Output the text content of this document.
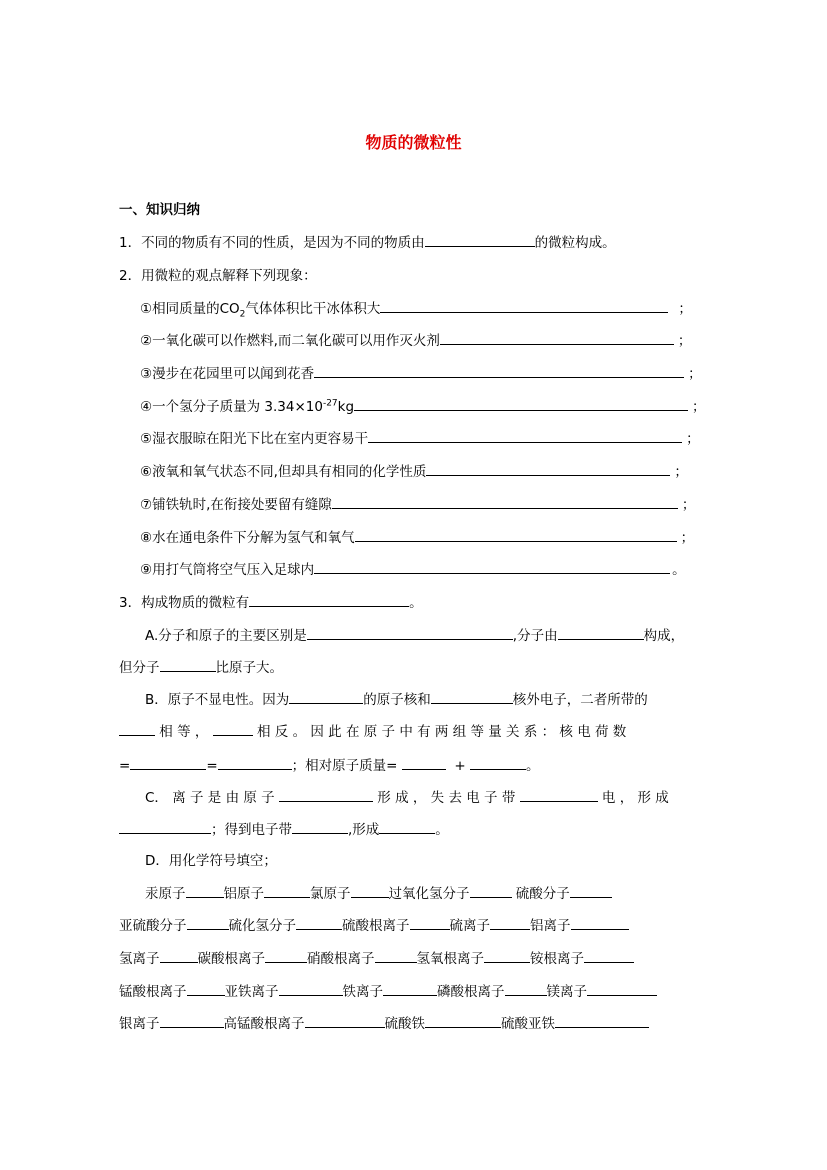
物质的微粒性
一、知识归纳
1．不同的物质有不同的性质，是因为不同的物质由	的微粒构成。
2．用微粒的观点解释下列现象：
①相同质量的$CO_2$气体体积比干冰体积大	；
②一氧化碳可以作燃料,而二氧化碳可以用作灭火剂	；
③漫步在花园里可以闻到花香	；
④一个氢分子质量为 $3.34\times 10^{-27}kg$	；
⑤湿衣服晾在阳光下比在室内更容易干	；
⑥液氧和氧气状态不同,但却具有相同的化学性质	；
⑦铺铁轨时,在衔接处要留有缝隙	；
⑧水在通电条件下分解为氢气和氧气	；
⑨用打气筒将空气压入足球内	。
3．构成物质的微粒有	。
A.分子和原子的主要区别是	,分子由	构成，
但分子	比原子大。
B．原子不显电性。因为	的原子核和	核外电子，二者所带的
相 等 ，	相 反 。 因 此 在 原 子 中 有 两 组 等 量 关 系 ： 核 电 荷 数
=	=	；相对原子质量=	+	。
C． 离 子 是 由 原 子	形 成 ， 失 去 电 子 带	电 ， 形 成
；得到电子带	,形成	。
D．用化学符号填空；
汞原子	铝原子	氯原子	过氧化氢分子	硫酸分子
亚硫酸分子	硫化氢分子	硫酸根离子	硫离子	铝离子
氢离子	碳酸根离子	硝酸根离子	氢氧根离子	铵根离子
锰酸根离子	亚铁离子	铁离子	磷酸根离子	镁离子
银离子	高锰酸根离子	硫酸铁	硫酸亚铁
